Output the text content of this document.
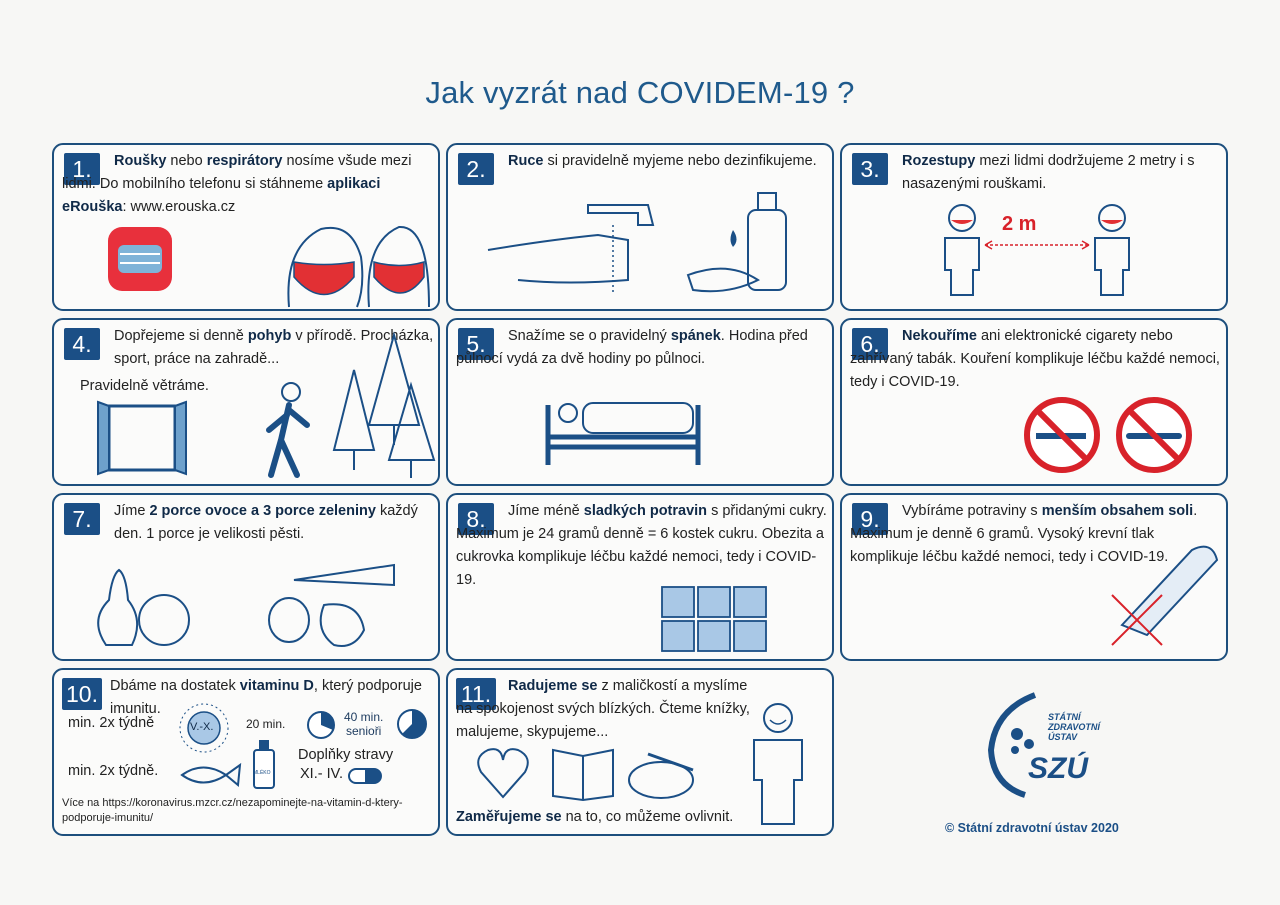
Jak vyzrát nad COVIDEM-19 ?
1.	Roušky nebo respirátory nosíme všude mezi lidmi. Do mobilního telefonu si stáhneme aplikaci eRouška: www.erouska.cz
2.	Ruce si pravidelně myjeme nebo dezinfikujeme.	3.	Rozestupy mezi lidmi dodržujeme 2 metry i s nasazenými rouškami.
2 m
4.	Dopřejeme si denně pohyb v přírodě. Procházka, sport, práce na zahradě...
Pravidelně větráme.
5.	Snažíme se o pravidelný spánek. Hodina před půlnocí vydá za dvě hodiny po půlnoci.
6.	Nekouříme ani elektronické cigarety nebo zahřívaný tabák. Kouření komplikuje léčbu každé nemoci, tedy i COVID-19.
7.	Jíme 2 porce ovoce a 3 porce zeleniny každý den. 1 porce je velikosti pěsti.
8.	Jíme méně sladkých potravin s přidanými cukry. Maximum je 24 gramů denně = 6 kostek cukru. Obezita a cukrovka komplikuje léčbu každé nemoci, tedy i COVID-19.
9.	Vybíráme potraviny s menším obsahem soli. Maximum je denně 6 gramů. Vysoký krevní tlak komplikuje léčbu každé nemoci, tedy i COVID-19.
10. Dbáme na dostatek vitaminu D, který podporuje imunitu.
min. 2x týdně	V.-X.	20 min.	40 min.
senioři
min. 2x týdně.	MLÉKO
Doplňky stravy
XI.- IV.
Více na https://koronavirus.mzcr.cz/nezapominejte-na-vitamin-d-ktery-podporuje-imunitu/
11.	Radujeme se z maličkostí a myslíme na spokojenost svých blízkých. Čteme knížky, malujeme, skypujeme...
Zaměřujeme se na to, co můžeme ovlivnit.
STÁTNÍ
ZDRAVOTNÍ
ÚSTAV
SZÚ
© Státní zdravotní ústav 2020
